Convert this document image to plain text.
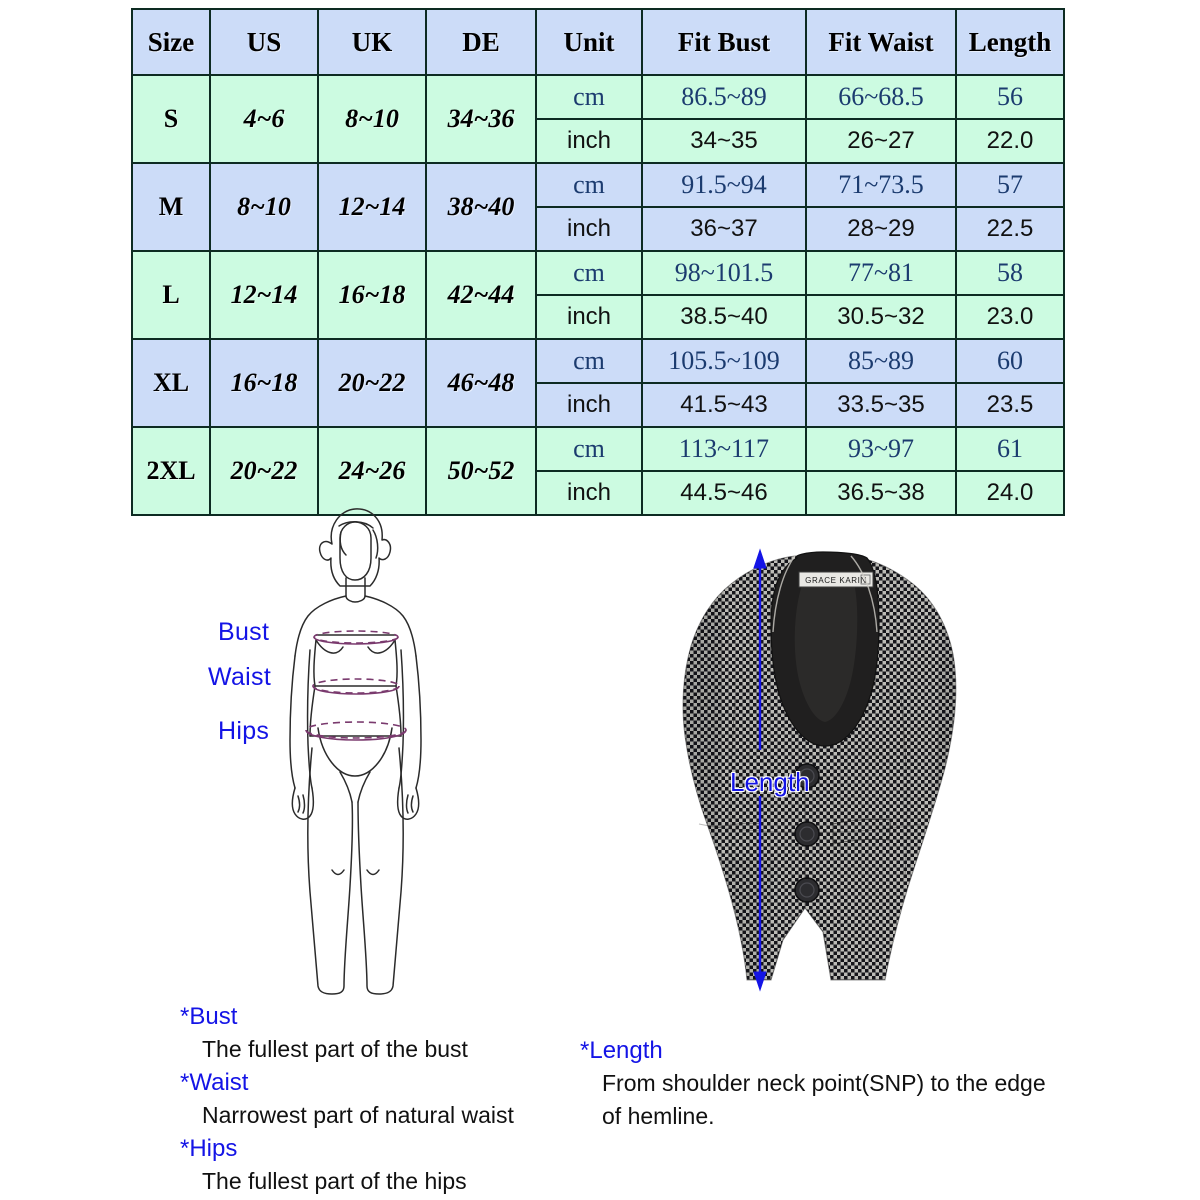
Size	US	UK	DE	Unit	Fit Bust	Fit Waist	Length
S	4~6	8~10	34~36	cm	86.5~89	66~68.5	56
				inch	34~35	26~27	22.0
M	8~10	12~14	38~40	cm	91.5~94	71~73.5	57
				inch	36~37	28~29	22.5
L	12~14	16~18	42~44	cm	98~101.5	77~81	58
				inch	38.5~40	30.5~32	23.0
XL	16~18	20~22	46~48	cm	105.5~109	85~89	60
				inch	41.5~43	33.5~35	23.5
2XL	20~22	24~26	50~52	cm	113~117	93~97	61
				inch	44.5~46	36.5~38	24.0
Bust
Waist
Hips
GRACE KARIN
Length
*Bust
The fullest part of the bust
*Waist
Narrowest part of natural waist
*Hips
The fullest part of the hips
*Length
From shoulder neck point(SNP) to the edge
of hemline.
